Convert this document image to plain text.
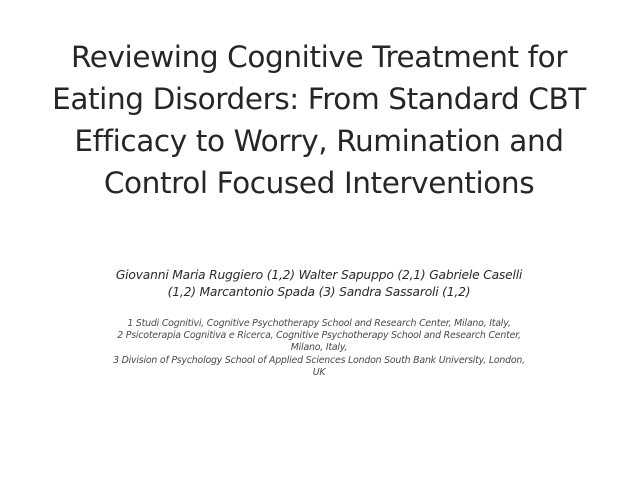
Reviewing Cognitive Treatment for
Eating Disorders: From Standard CBT
Efficacy to Worry, Rumination and
Control Focused Interventions

Giovanni Maria Ruggiero (1,2) Walter Sapuppo (2,1) Gabriele Caselli
(1,2) Marcantonio Spada (3) Sandra Sassaroli (1,2)

1 Studi Cognitivi, Cognitive Psychotherapy School and Research Center, Milano, Italy,
2 Psicoterapia Cognitiva e Ricerca, Cognitive Psychotherapy School and Research Center,
Milano, Italy,
3 Division of Psychology School of Applied Sciences London South Bank University, London,
UK
